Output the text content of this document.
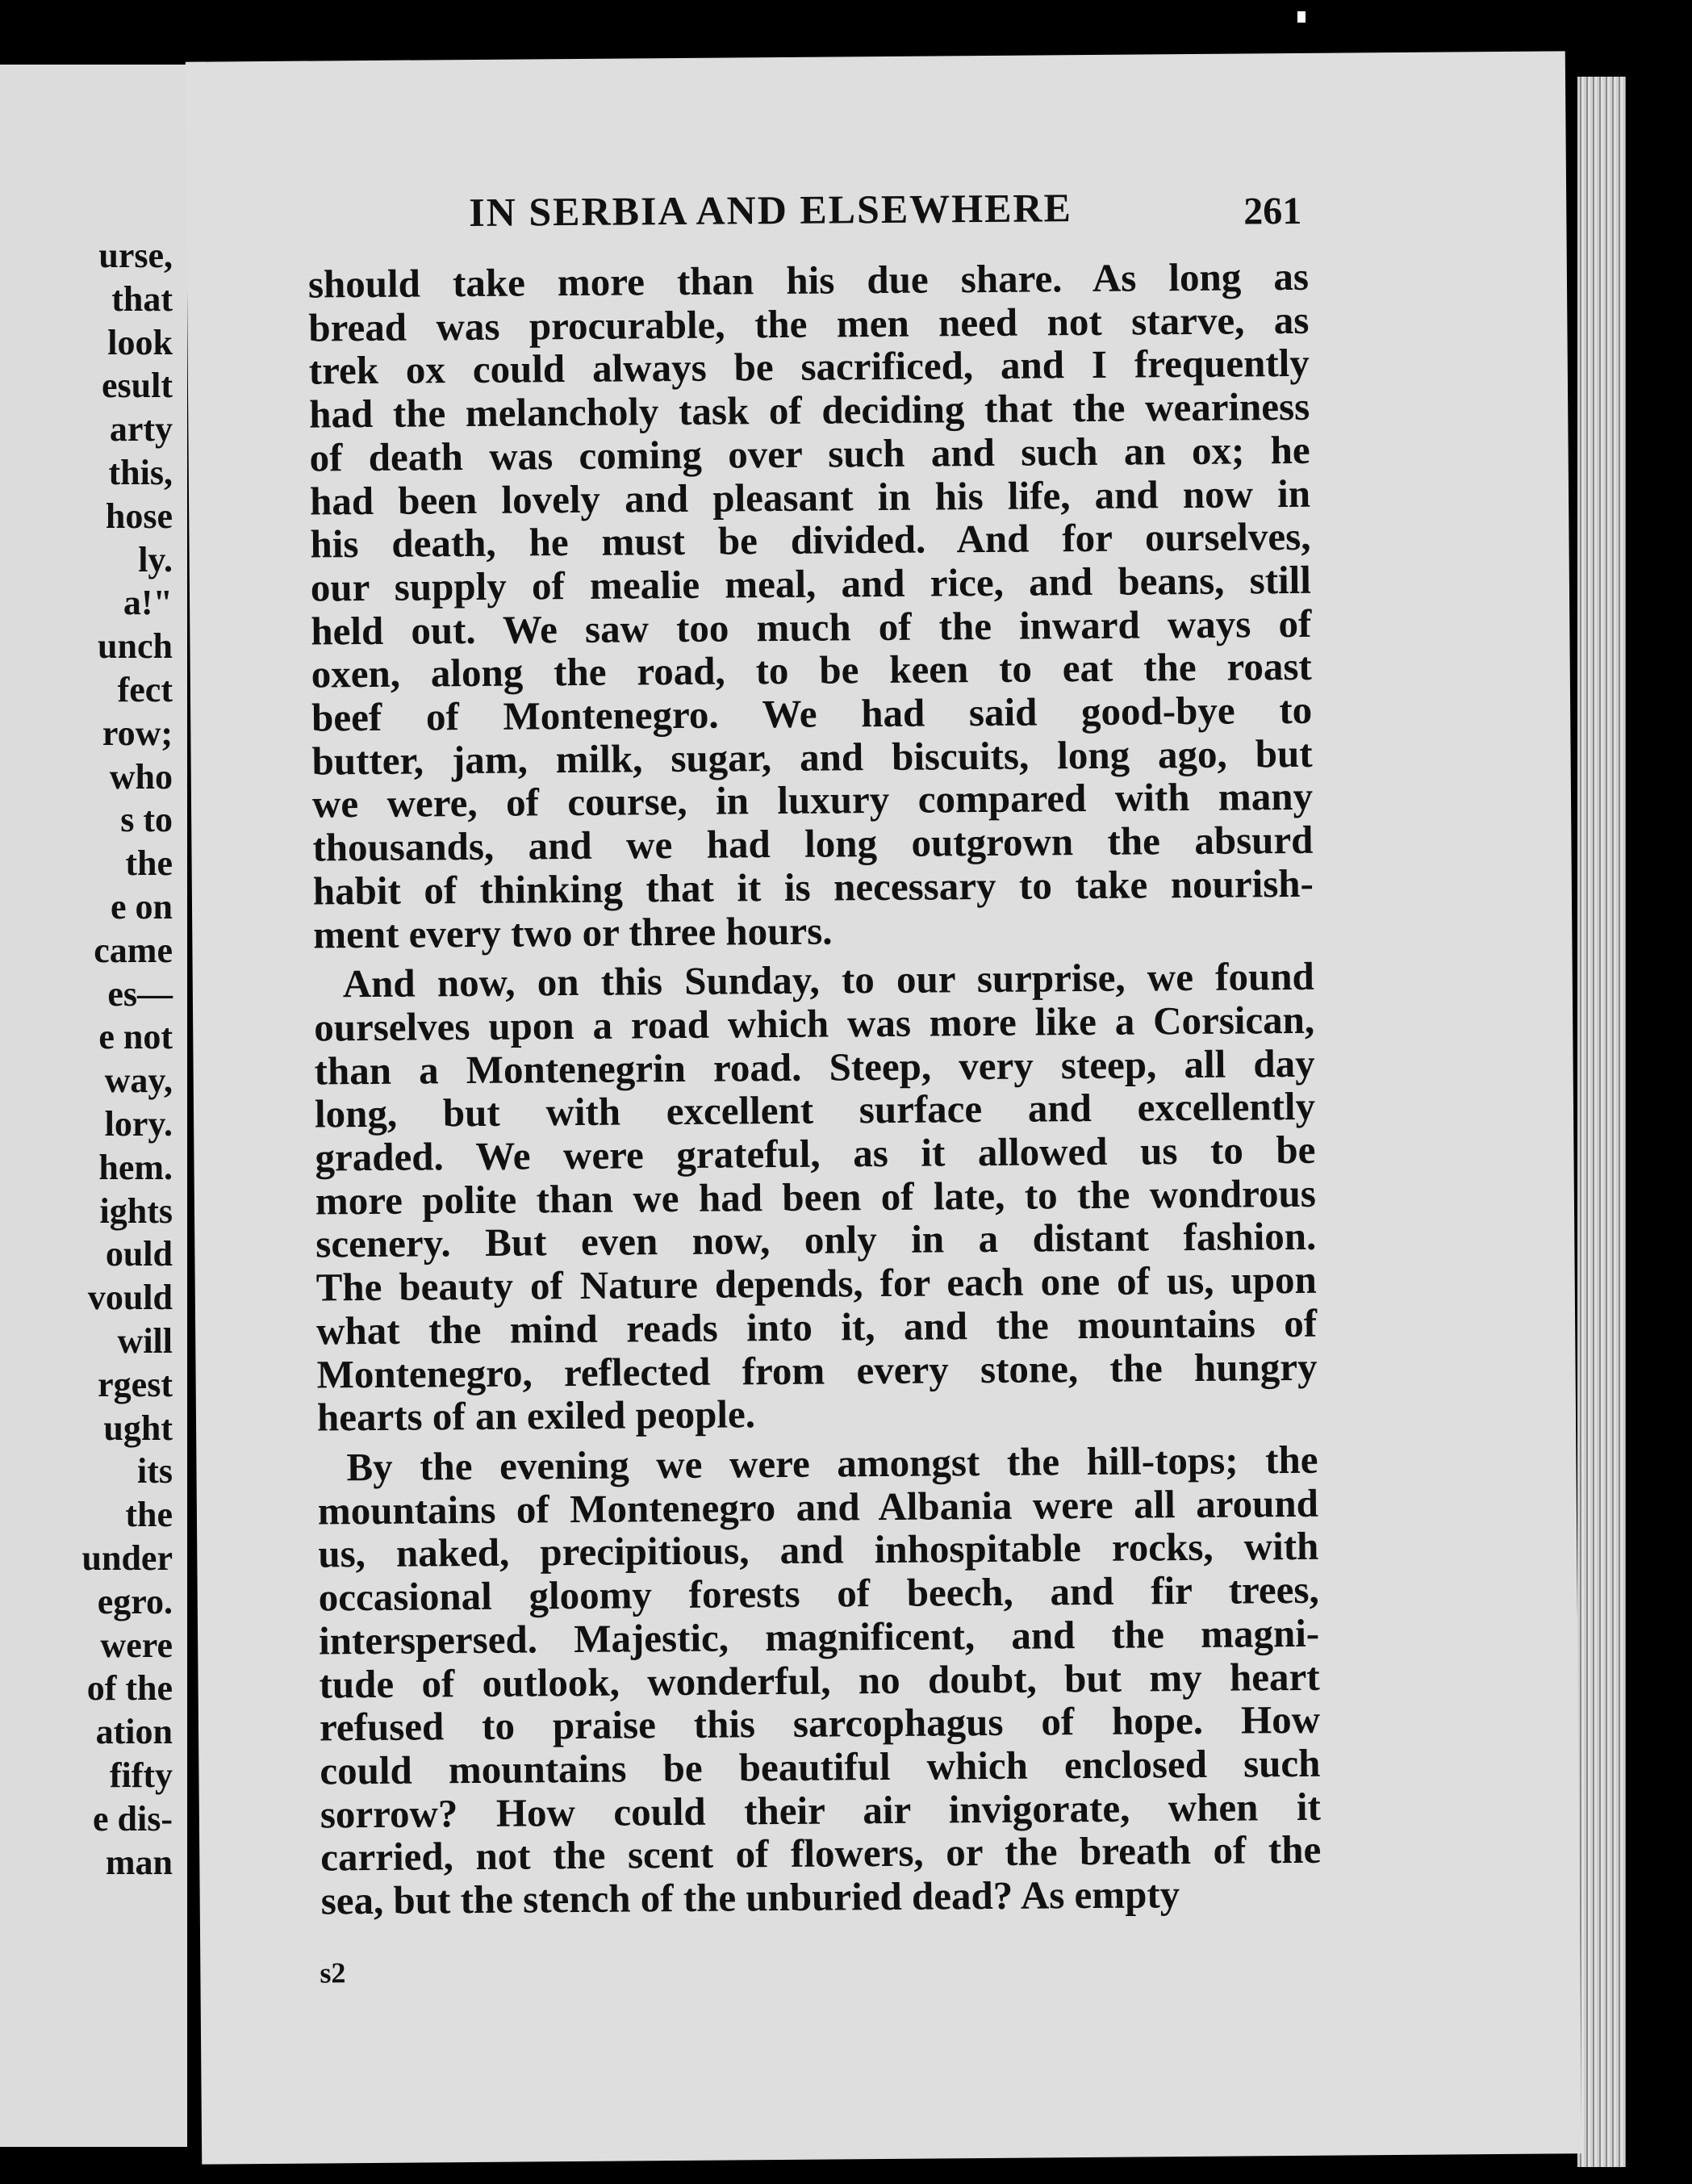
urse,
that
look
esult
arty
this,
hose
ly.
a!"
unch
fect
row;
who
s to
the
e on
came
es—
e not
way,
lory.
hem.
ights
ould
vould
will
rgest
ught
its
the
under
egro.
were
of the
ation
fifty
e dis-
man
IN SERBIA AND ELSEWHERE	261
should take more than his due share. As long as
bread was procurable, the men need not starve, as
trek ox could always be sacrificed, and I frequently
had the melancholy task of deciding that the weariness
of death was coming over such and such an ox; he
had been lovely and pleasant in his life, and now in
his death, he must be divided. And for ourselves,
our supply of mealie meal, and rice, and beans, still
held out. We saw too much of the inward ways of
oxen, along the road, to be keen to eat the roast
beef of Montenegro. We had said good-bye to
butter, jam, milk, sugar, and biscuits, long ago, but
we were, of course, in luxury compared with many
thousands, and we had long outgrown the absurd
habit of thinking that it is necessary to take nourish-
ment every two or three hours.
And now, on this Sunday, to our surprise, we found
ourselves upon a road which was more like a Corsican,
than a Montenegrin road. Steep, very steep, all day
long, but with excellent surface and excellently
graded. We were grateful, as it allowed us to be
more polite than we had been of late, to the wondrous
scenery. But even now, only in a distant fashion.
The beauty of Nature depends, for each one of us, upon
what the mind reads into it, and the mountains of
Montenegro, reflected from every stone, the hungry
hearts of an exiled people.
By the evening we were amongst the hill-tops; the
mountains of Montenegro and Albania were all around
us, naked, precipitious, and inhospitable rocks, with
occasional gloomy forests of beech, and fir trees,
interspersed. Majestic, magnificent, and the magni-
tude of outlook, wonderful, no doubt, but my heart
refused to praise this sarcophagus of hope. How
could mountains be beautiful which enclosed such
sorrow? How could their air invigorate, when it
carried, not the scent of flowers, or the breath of the
sea, but the stench of the unburied dead? As empty
s2
